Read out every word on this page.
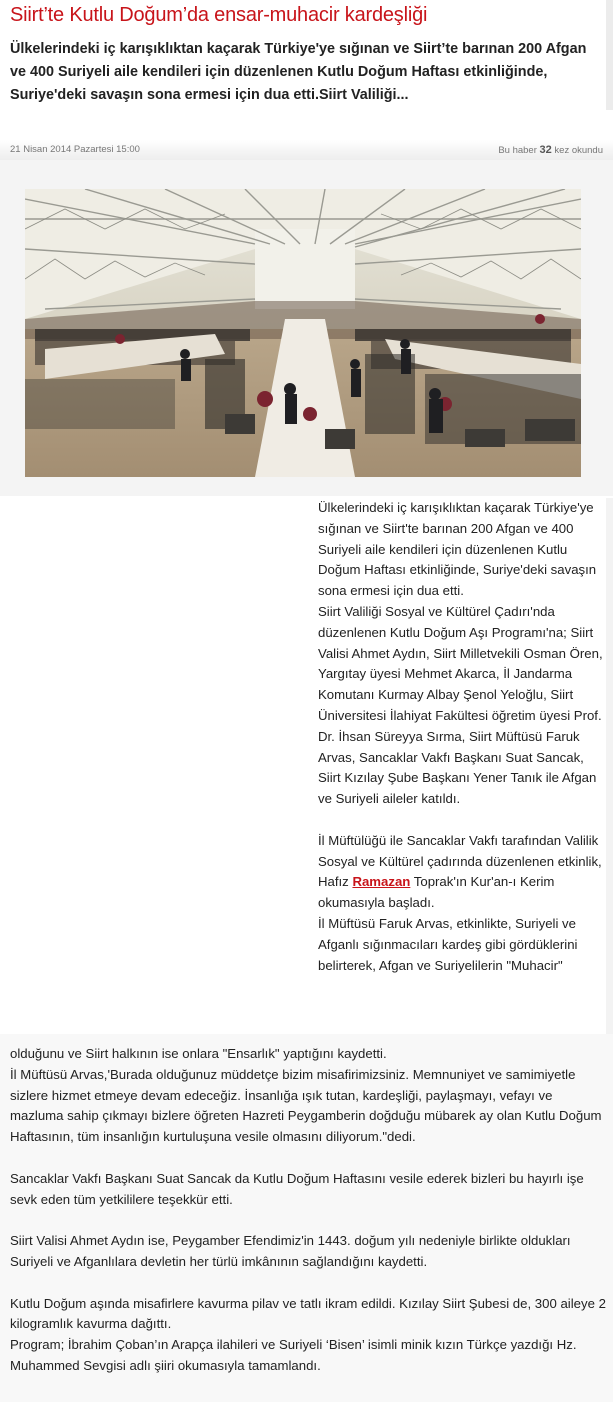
Siirt’te Kutlu Doğum’da ensar-muhacir kardeşliği
Ülkelerindeki iç karışıklıktan kaçarak Türkiye'ye sığınan ve Siirt’te barınan 200 Afgan ve 400 Suriyeli aile kendileri için düzenlenen Kutlu Doğum Haftası etkinliğinde, Suriye'deki savaşın sona ermesi için dua etti.Siirt Valiliği...
21 Nisan 2014 Pazartesi 15:00	Bu haber 32 kez okundu

Ülkelerindeki iç karışıklıktan kaçarak Türkiye'ye sığınan ve Siirt'te barınan 200 Afgan ve 400 Suriyeli aile kendileri için düzenlenen Kutlu Doğum Haftası etkinliğinde, Suriye'deki savaşın sona ermesi için dua etti.

Siirt Valiliği Sosyal ve Kültürel Çadırı'nda düzenlenen Kutlu Doğum Aşı Programı'na; Siirt Valisi Ahmet Aydın, Siirt Milletvekili Osman Ören, Yargıtay üyesi Mehmet Akarca, İl Jandarma Komutanı Kurmay Albay Şenol Yeloğlu, Siirt Üniversitesi İlahiyat Fakültesi öğretim üyesi Prof. Dr. İhsan Süreyya Sırma, Siirt Müftüsü Faruk Arvas, Sancaklar Vakfı Başkanı Suat Sancak, Siirt Kızılay Şube Başkanı Yener Tanık ile Afgan ve Suriyeli aileler katıldı.

İl Müftülüğü ile Sancaklar Vakfı tarafından Valilik Sosyal ve Kültürel çadırında düzenlenen etkinlik, Hafız Ramazan Toprak'ın Kur'an-ı Kerim okumasıyla başladı.

İl Müftüsü Faruk Arvas, etkinlikte, Suriyeli ve Afganlı sığınmacıları kardeş gibi gördüklerini belirterek, Afgan ve Suriyelilerin "Muhacir"

olduğunu ve Siirt halkının ise onlara "Ensarlık" yaptığını kaydetti.

İl Müftüsü Arvas,'Burada olduğunuz müddetçe bizim misafirimizsiniz. Memnuniyet ve samimiyetle sizlere hizmet etmeye devam edeceğiz. İnsanlığa ışık tutan, kardeşliği, paylaşmayı, vefayı ve mazluma sahip çıkmayı bizlere öğreten Hazreti Peygamberin doğduğu mübarek ay olan Kutlu Doğum Haftasının, tüm insanlığın kurtuluşuna vesile olmasını diliyorum."dedi.

Sancaklar Vakfı Başkanı Suat Sancak da Kutlu Doğum Haftasını vesile ederek bizleri bu hayırlı işe sevk eden tüm yetkililere teşekkür etti.

Siirt Valisi Ahmet Aydın ise, Peygamber Efendimiz'in 1443. doğum yılı nedeniyle birlikte oldukları Suriyeli ve Afganlılara devletin her türlü imkânının sağlandığını kaydetti.

Kutlu Doğum aşında misafirlere kavurma pilav ve tatlı ikram edildi. Kızılay Siirt Şubesi de, 300 aileye 2 kilogramlık kavurma dağıttı.

Program; İbrahim Çoban’ın Arapça ilahileri ve Suriyeli ‘Bisen’ isimli minik kızın Türkçe yazdığı Hz. Muhammed Sevgisi adlı şiiri okumasıyla tamamlandı.
